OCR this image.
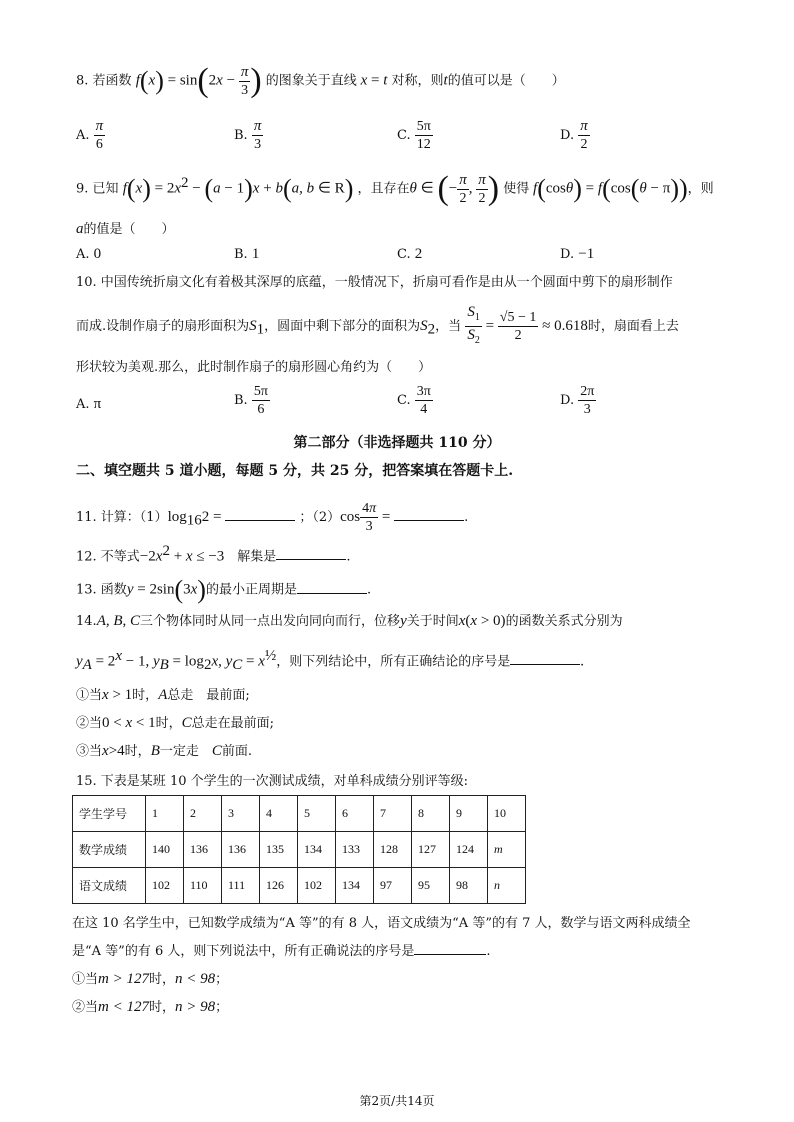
8. 若函数 $f(x) = \sin(2x - \frac{\pi}{3}$ ) 的图象关于直线 x = t 对称，则t的值可以是（　　）
A. $\frac{\pi}{6}$	B. $\frac{\pi}{3}$	C. $\frac{5\pi}{12}$	D. $\frac{\pi}{2}$
9. 已知 $f(x) = 2x^2 - (a - 1)x + b(a$, b ∈ R) ，且存在θ ∈ (− $\frac{\pi}{2}$ , $\frac{\pi}{2}$ ) 使得 f(cosθ) = f(cos(θ − π))，则
a的值是（　　）
A. 0	B. 1	C. 2	D. −1
10. 中国传统折扇文化有着极其深厚的底蕴，一般情况下，折扇可看作是由从一个圆面中剪下的扇形制作
而成.设制作扇子的扇形面积为$S_1$，圆面中剩下部分的面积为$S_2$，当 $\frac{S_1}{S_2} = \frac{√5 - 1}{2} \approx 0.618$时，扇面看上去
形状较为美观.那么，此时制作扇子的扇形圆心角约为（　　）
A. π	B. $\frac{5\pi}{6}$	C. $\frac{3\pi}{4}$	D. $\frac{2\pi}{3}$
第二部分（非选择题共 110 分）
二、填空题共 5 道小题，每题 5 分，共 25 分，把答案填在答题卡上.
11. 计算：$(1)\log_{16}2$ =	；$(2)\cos \frac{4\pi}{3}$ =	.
12. 不等式$-2x^2 + x \le -3$　解集是	.
13. 函数y = 2sin(3x)的最小正周期是	.
14.A, B, C三个物体同时从同一点出发向同向而行，位移y关于时间x(x > 0)的函数关系式分别为
$y_A = 2^x - 1$, $y_B = \log_2x$, $y_C = x^{\frac{1}{2}}$，则下列结论中，所有正确结论的序号是	.
①当x > 1时，A总走　最前面;
②当0 < x < 1时，C总走在最前面;
③当x>4时，B一定走　C前面.
15. 下表是某班 10 个学生的一次测试成绩，对单科成绩分别评等级:
学生学号	1	2	3	4	5	6	7	8	9	10
数学成绩	140	136	136	135	134	133	128	127	124	m
语文成绩	102	110	111	126	102	134	97	95	98	n
在这 10 名学生中，已知数学成绩为“A 等”的有 8 人，语文成绩为“A 等”的有 7 人，数学与语文两科成绩全
是“A 等”的有 6 人，则下列说法中，所有正确说法的序号是	.
①当m > 127时，n < 98；
②当m < 127时，n > 98；
第2页/共14页
